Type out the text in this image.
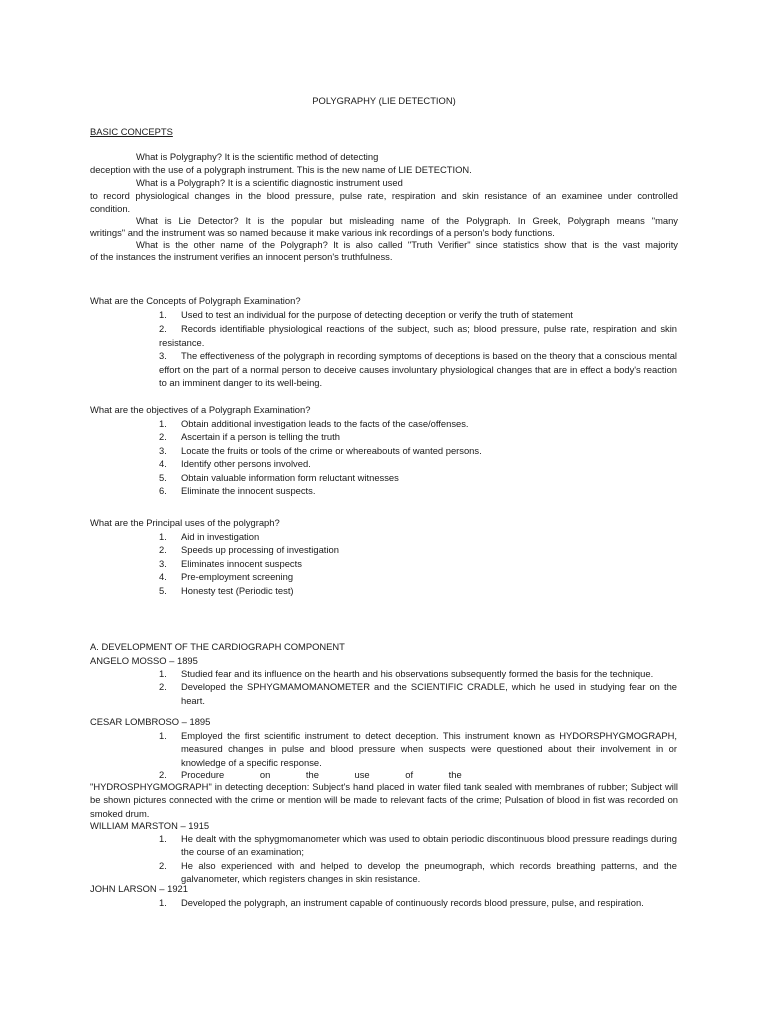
POLYGRAPHY (LIE DETECTION)
BASIC CONCEPTS
What is Polygraphy? It is the scientific method of detecting
deception with the use of a polygraph instrument. This is the new name of LIE DETECTION.
What is a Polygraph? It is a scientific diagnostic instrument used
to record physiological changes in the blood pressure, pulse rate, respiration and skin resistance of an examinee under controlled
condition.
What is Lie Detector? It is the popular but misleading name of the Polygraph. In Greek, Polygraph means "many
writings" and the instrument was so named because it make various ink recordings of a person's body functions.
What is the other name of the Polygraph? It is also called "Truth Verifier" since statistics show that is the vast majority
of the instances the instrument verifies an innocent person's truthfulness.
What are the Concepts of Polygraph Examination?
1. Used to test an individual for the purpose of detecting deception or verify the truth of statement
2.	Records identifiable physiological reactions of the subject, such as; blood pressure, pulse rate, respiration and skin resistance.
3.	The effectiveness of the polygraph in recording symptoms of deceptions is based on the theory that a conscious mental effort on the part of a normal person to deceive causes involuntary physiological changes that are in effect a body's reaction to an imminent danger to its well-being.
What are the objectives of a Polygraph Examination?
1. Obtain additional investigation leads to the facts of the case/offenses.
2. Ascertain if a person is telling the truth
3. Locate the fruits or tools of the crime or whereabouts of wanted persons.
4. Identify other persons involved.
5. Obtain valuable information form reluctant witnesses
6. Eliminate the innocent suspects.
What are the Principal uses of the polygraph?
1. Aid in investigation
2. Speeds up processing of investigation
3. Eliminates innocent suspects
4. Pre-employment screening
5. Honesty test (Periodic test)
A. DEVELOPMENT OF THE CARDIOGRAPH COMPONENT
ANGELO MOSSO – 1895
1. Studied fear and its influence on the hearth and his observations subsequently formed the basis for the technique.
2. Developed the SPHYGMAMOMANOMETER and the SCIENTIFIC CRADLE, which he used in studying fear on the heart.
CESAR LOMBROSO – 1895
1. Employed the first scientific instrument to detect deception. This instrument known as HYDORSPHYGMOGRAPH, measured changes in pulse and blood pressure when suspects were questioned about their involvement in or knowledge of a specific response.
2. Procedure on the use of the
"HYDROSPHYGMOGRAPH" in detecting deception: Subject's hand placed in water filed tank sealed with membranes of rubber; Subject will be shown pictures connected with the crime or mention will be made to relevant facts of the crime; Pulsation of blood in fist was recorded on smoked drum.
WILLIAM MARSTON – 1915
1. He dealt with the sphygmomanometer which was used to obtain periodic discontinuous blood pressure readings during the course of an examination;
2. He also experienced with and helped to develop the pneumograph, which records breathing patterns, and the galvanometer, which registers changes in skin resistance.
JOHN LARSON – 1921
1. Developed the polygraph, an instrument capable of continuously records blood pressure, pulse, and respiration.
